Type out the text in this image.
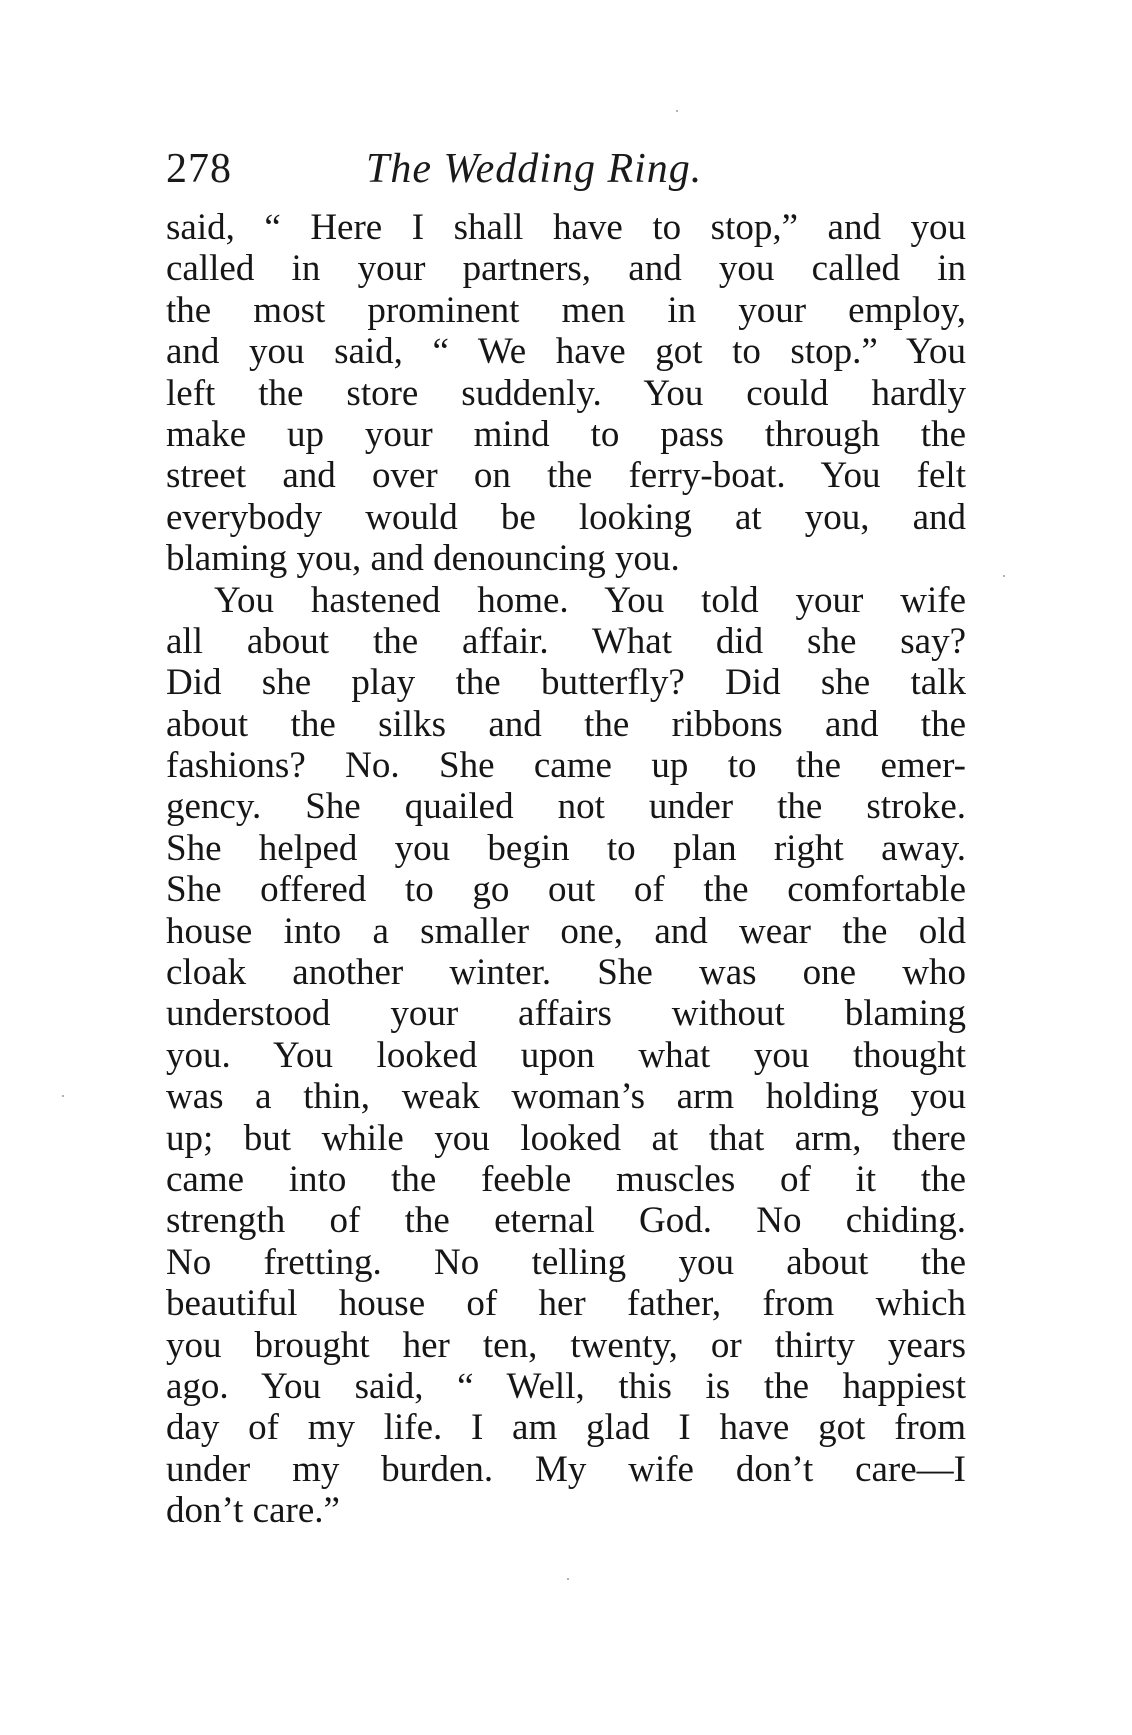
278	The Wedding Ring.
said, “ Here I shall have to stop,” and you
called in your partners, and you called in
the most prominent men in your employ,
and you said, “ We have got to stop.” You
left the store suddenly. You could hardly
make up your mind to pass through the
street and over on the ferry-boat. You felt
everybody would be looking at you, and
blaming you, and denouncing you.
You hastened home. You told your wife
all about the affair. What did she say?
Did she play the butterfly? Did she talk
about the silks and the ribbons and the
fashions? No. She came up to the emer-
gency. She quailed not under the stroke.
She helped you begin to plan right away.
She offered to go out of the comfortable
house into a smaller one, and wear the old
cloak another winter. She was one who
understood your affairs without blaming
you. You looked upon what you thought
was a thin, weak woman’s arm holding you
up; but while you looked at that arm, there
came into the feeble muscles of it the
strength of the eternal God. No chiding.
No fretting. No telling you about the
beautiful house of her father, from which
you brought her ten, twenty, or thirty years
ago. You said, “ Well, this is the happiest
day of my life. I am glad I have got from
under my burden. My wife don’t care—I
don’t care.”
